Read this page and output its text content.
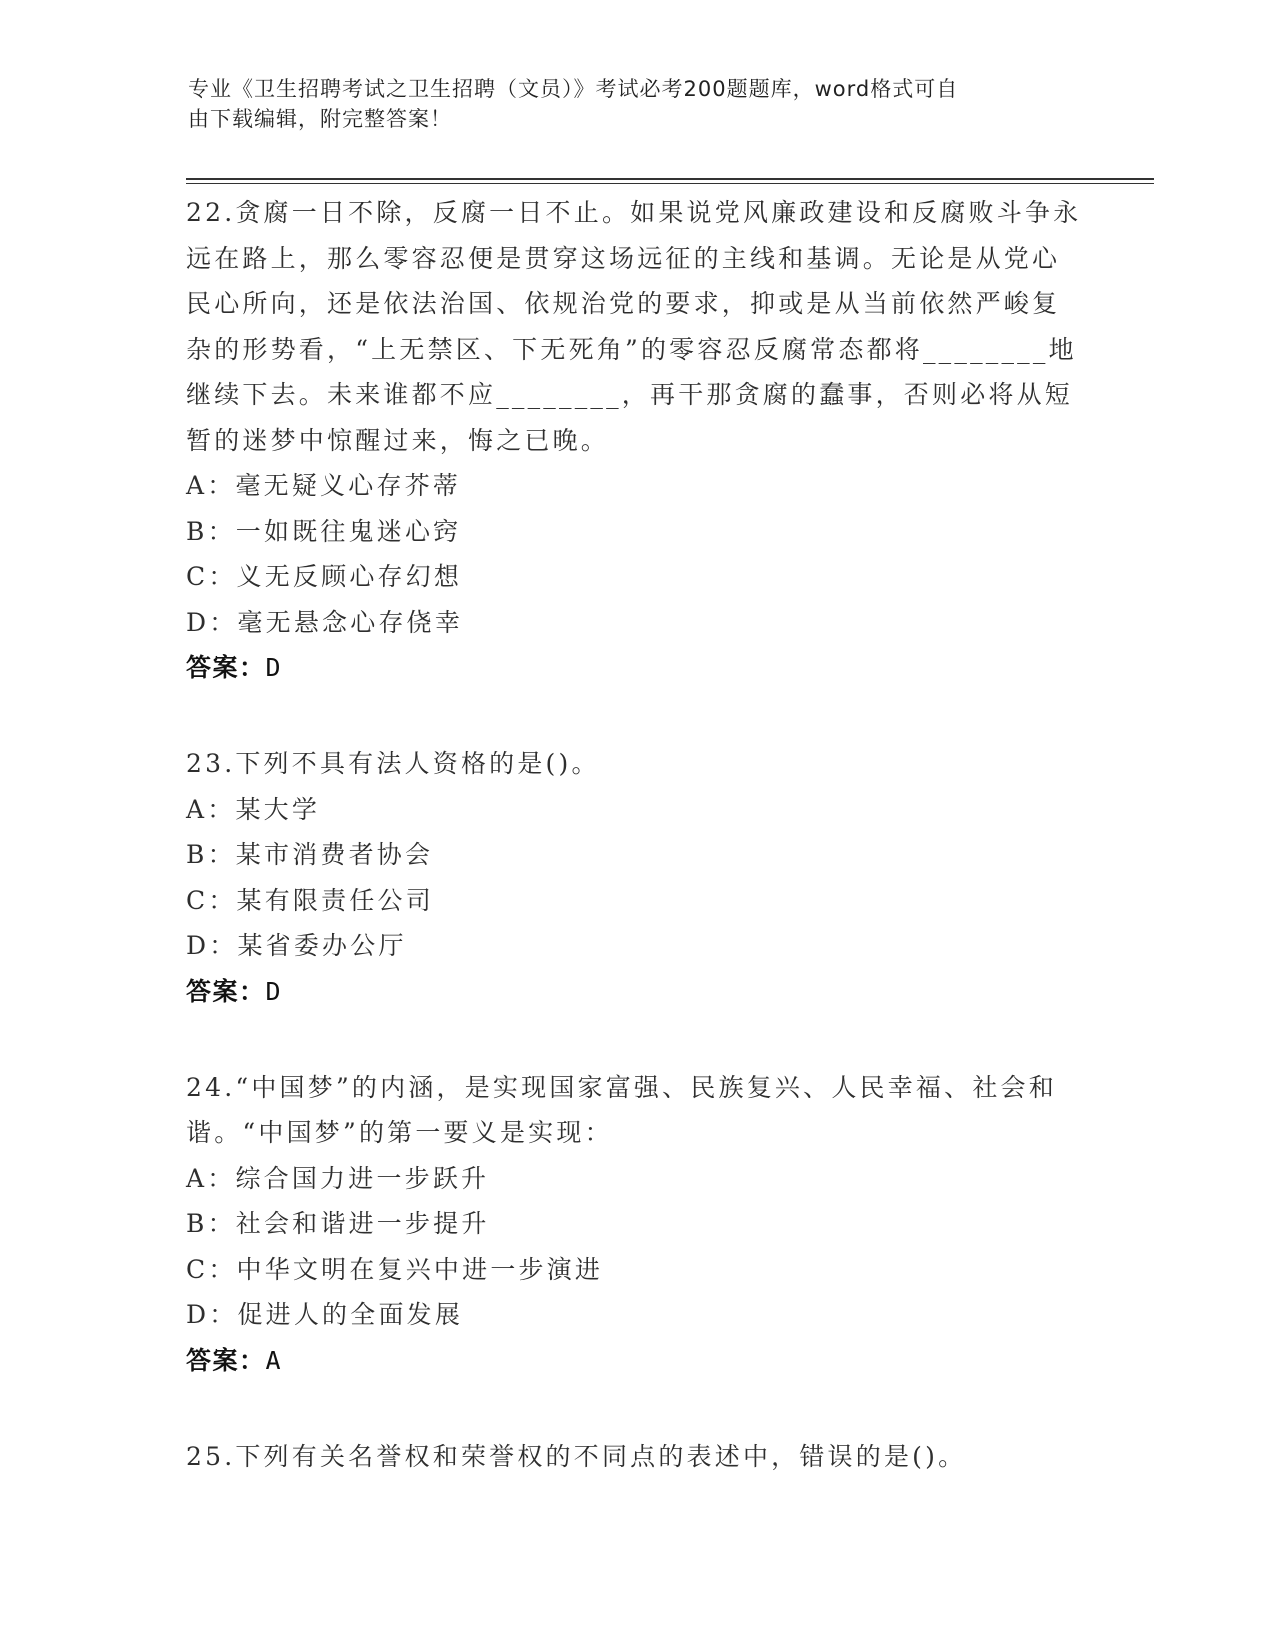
专业《卫生招聘考试之卫生招聘（文员）》考试必考200题题库，word格式可自
由下载编辑，附完整答案！
22.贪腐一日不除，反腐一日不止。如果说党风廉政建设和反腐败斗争永远在路上，那么零容忍便是贯穿这场远征的主线和基调。无论是从党心民心所向，还是依法治国、依规治党的要求，抑或是从当前依然严峻复杂的形势看，“上无禁区、下无死角”的零容忍反腐常态都将________地继续下去。未来谁都不应________，再干那贪腐的蠢事，否则必将从短暂的迷梦中惊醒过来，悔之已晚。
A：毫无疑义心存芥蒂
B：一如既往鬼迷心窍
C：义无反顾心存幻想
D：毫无悬念心存侥幸
答案：D
23.下列不具有法人资格的是()。
A：某大学
B：某市消费者协会
C：某有限责任公司
D：某省委办公厅
答案：D
24.“中国梦”的内涵，是实现国家富强、民族复兴、人民幸福、社会和谐。“中国梦”的第一要义是实现：
A：综合国力进一步跃升
B：社会和谐进一步提升
C：中华文明在复兴中进一步演进
D：促进人的全面发展
答案：A
25.下列有关名誉权和荣誉权的不同点的表述中，错误的是()。
